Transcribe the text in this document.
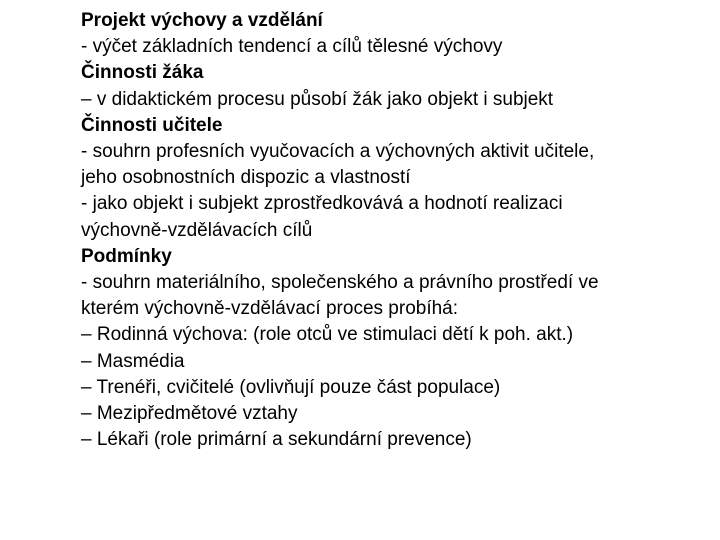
Projekt výchovy a vzdělání
- výčet základních tendencí a cílů tělesné výchovy
Činnosti žáka
– v didaktickém procesu působí žák jako objekt i subjekt
Činnosti učitele
- souhrn profesních vyučovacích a výchovných aktivit učitele,
jeho osobnostních dispozic a vlastností
- jako objekt i subjekt zprostředkovává a hodnotí realizaci
výchovně-vzdělávacích cílů
Podmínky
- souhrn materiálního, společenského a právního prostředí ve
kterém výchovně-vzdělávací proces probíhá:
– Rodinná výchova: (role otců ve stimulaci dětí k poh. akt.)
– Masmédia
– Trenéři, cvičitelé (ovlivňují pouze část populace)
– Mezipředmětové vztahy
– Lékaři (role primární a sekundární prevence)
